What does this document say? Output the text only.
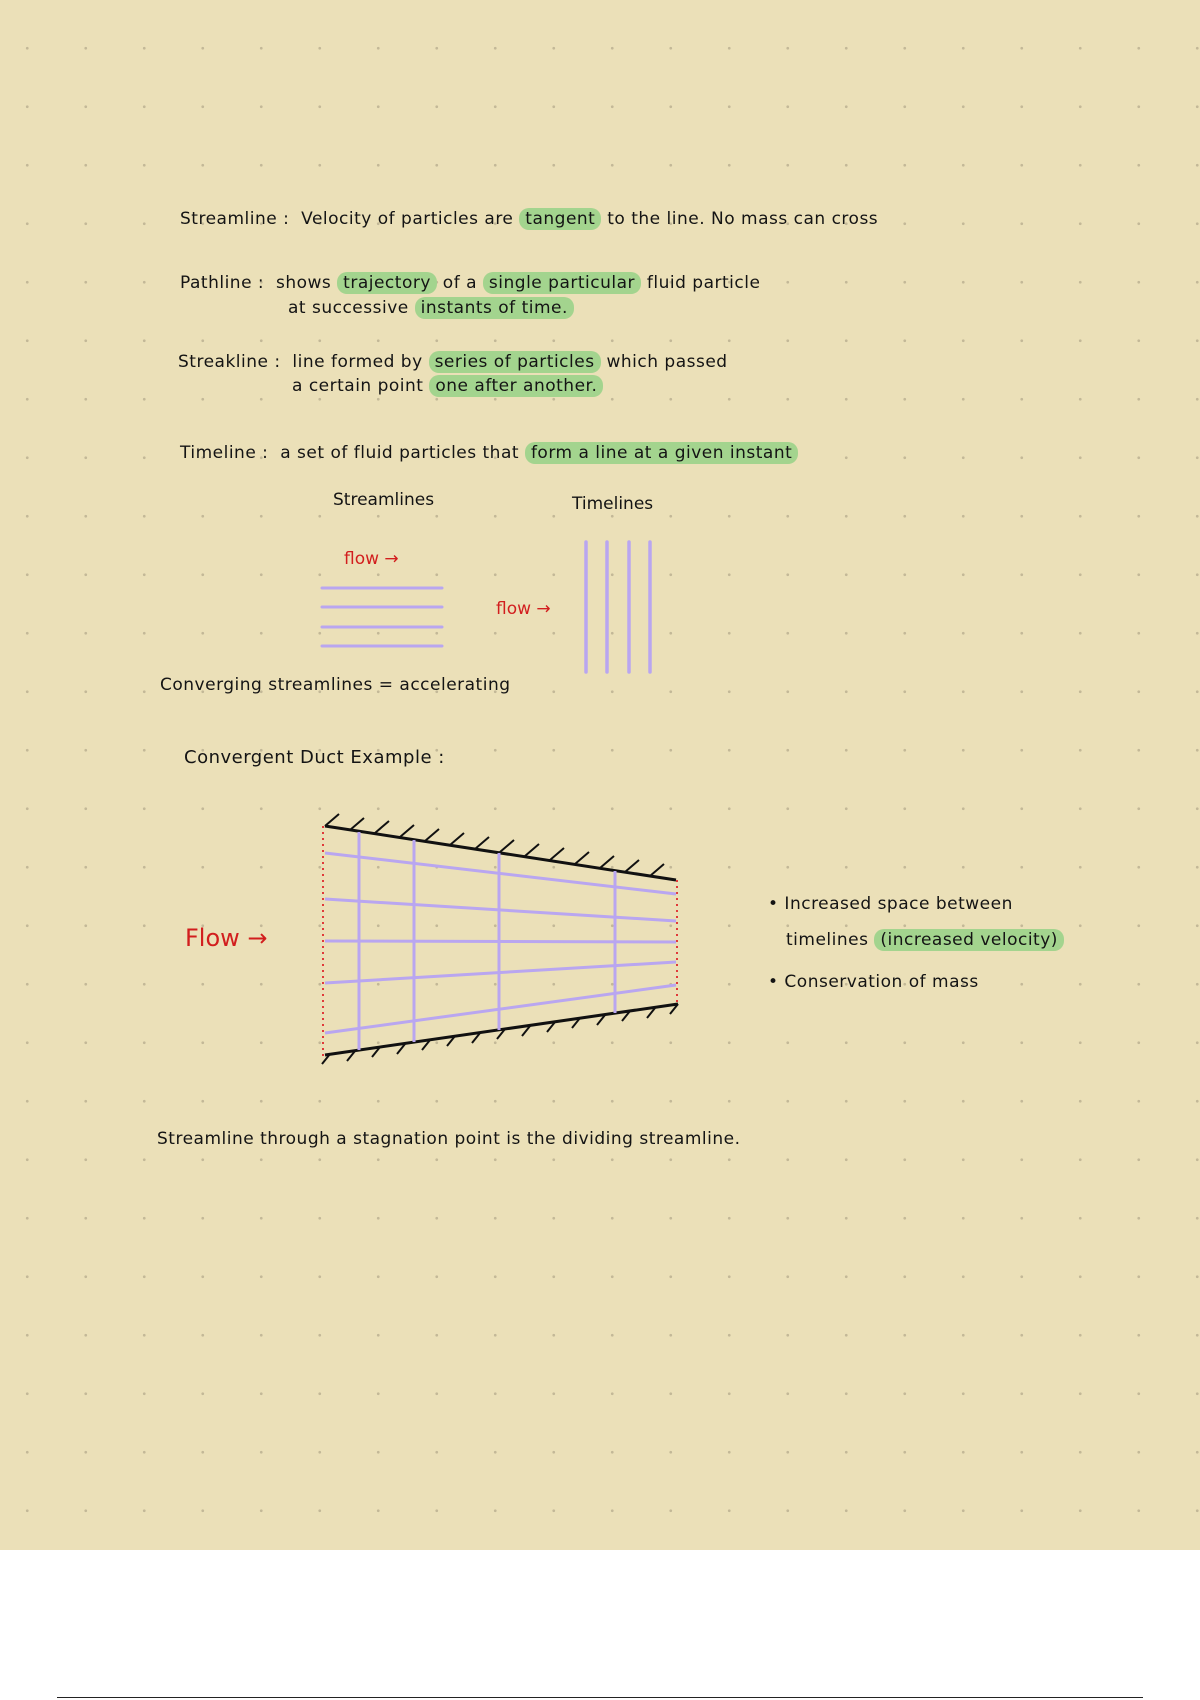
Streamline : Velocity of particles are tangent to the line. No mass can cross

Pathline : shows trajectory of a single particular fluid particle

at successive instants of time.

Streakline : line formed by series of particles which passed

a certain point one after another.

Timeline : a set of fluid particles that form a line at a given instant

Streamlines	Timelines

flow →

flow →

Converging streamlines = accelerating

Convergent Duct Example :

Flow →

• Increased space between

timelines (increased velocity)

• Conservation of mass

Streamline through a stagnation point is the dividing streamline.
